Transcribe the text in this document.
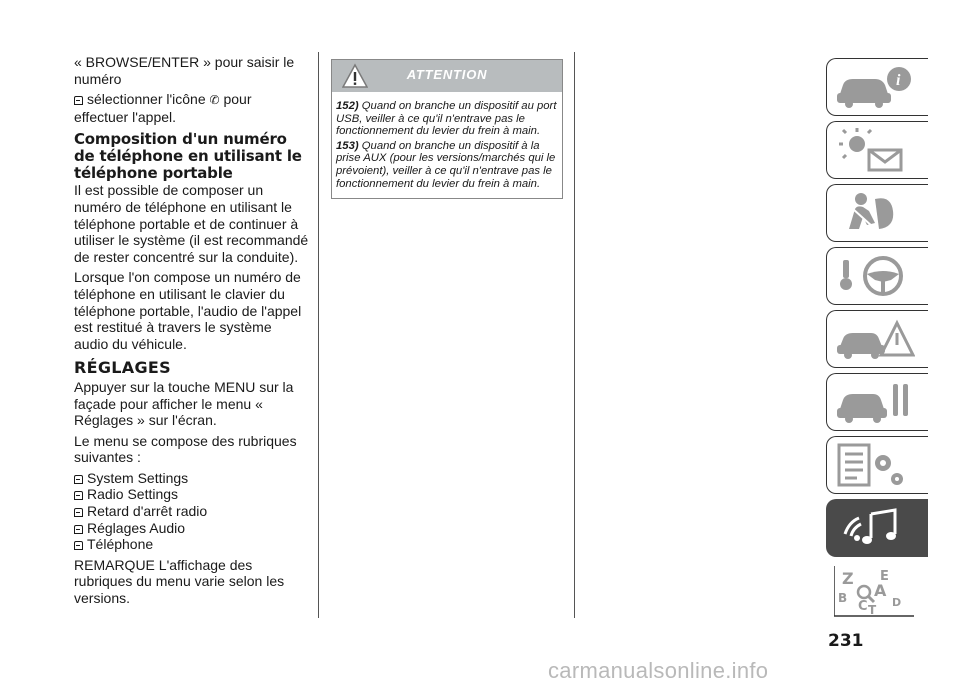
« BROWSE/ENTER » pour saisir le numéro

sélectionner l'icône ✆ pour effectuer l'appel.

Composition d'un numéro de téléphone en utilisant le téléphone portable

Il est possible de composer un numéro de téléphone en utilisant le téléphone portable et de continuer à utiliser le système (il est recommandé de rester concentré sur la conduite).

Lorsque l'on compose un numéro de téléphone en utilisant le clavier du téléphone portable, l'audio de l'appel est restitué à travers le système audio du véhicule.

RÉGLAGES

Appuyer sur la touche MENU sur la façade pour afficher le menu « Réglages » sur l'écran.

Le menu se compose des rubriques suivantes :

System Settings
Radio Settings
Retard d'arrêt radio
Réglages Audio
Téléphone

REMARQUE L'affichage des rubriques du menu varie selon les versions.

ATTENTION

152) Quand on branche un dispositif au port USB, veiller à ce qu'il n'entrave pas le fonctionnement du levier du frein à main.

153) Quand on branche un dispositif à la prise AUX (pour les versions/marchés qui le prévoient), veiller à ce qu'il n'entrave pas le fonctionnement du levier du frein à main.

i
Z E
A
B
C T
D
231
carmanualsonline.info
